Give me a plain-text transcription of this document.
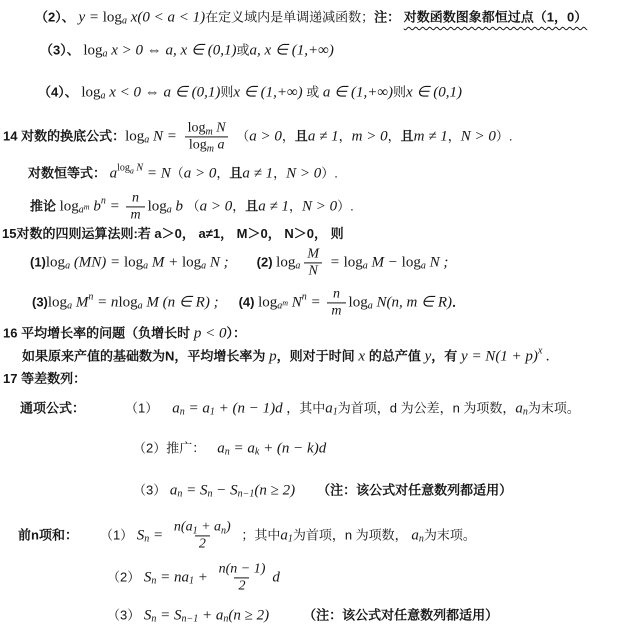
（2）、 y = log a x(0 < a < 1) 在定义域内是单调递减函数； 注： 对数函数图象都恒过点（1，0）
（3）、 log a x > 0 ⇔ a, x ∈ (0,1) 或 a, x ∈ (1,+∞)
（4）、 log a x < 0 ⇔ a ∈ (0,1) 则 x ∈ (1,+∞) 或 a ∈ (1,+∞) 则 x ∈ (0,1)
14 对数的换底公式： log a $N = \frac{\text{logm N}}{\text{logm a}}$ （ a > 0 ， 且 a ≠ 1 ， m > 0 ， 且 m ≠ 1 ， N > 0 ）.
对数恒等式： a loga N = N （ a > 0 ， 且 a ≠ 1 ， N > 0 ）.
推论 log am b $n = \frac{n}{m}$ log a b （ a > 0 ， 且 a ≠ 1 ， N > 0 ）.
15对数的四则运算法则:若 a＞0， a≠1， M＞0， N＞0， 则
(1) log a (MN) = log a M + log a N ; (2) log a $\frac{M}{N} = \log a$ M − log a N ;
(3) log a M n = n log a M (n ∈ R) ; (4) log am N $n = \frac{n}{m}$ log a N(n, m ∈ R) ．
16 平均增长率的问题（负增长时 p < 0 ）：
如果原来产值的基础数为N，平均增长率为 p ，则对于时间 x 的总产值 y ，有 y = N(1 + p) x .
17 等差数列：
通项公式：	（1） a n = a 1 + (n − 1)d ，其中 a 1 为首项，d 为公差，n 为项数， a n 为末项。
（2）推广： a n = a k + (n − k)d
（3） a n = S n − S n−1 (n ≥ 2) （注：该公式对任意数列都适用）
前n项和： （1） S $n = \frac{n(a1 + an)}{2}$ ；其中 a 1 为首项，n 为项数， a n 为末项。
（2） S n = na $1 + \frac{n(n - 1)}{2}$ d
（3） S n = S n−1 + a n (n ≥ 2)	（注：该公式对任意数列都适用）
